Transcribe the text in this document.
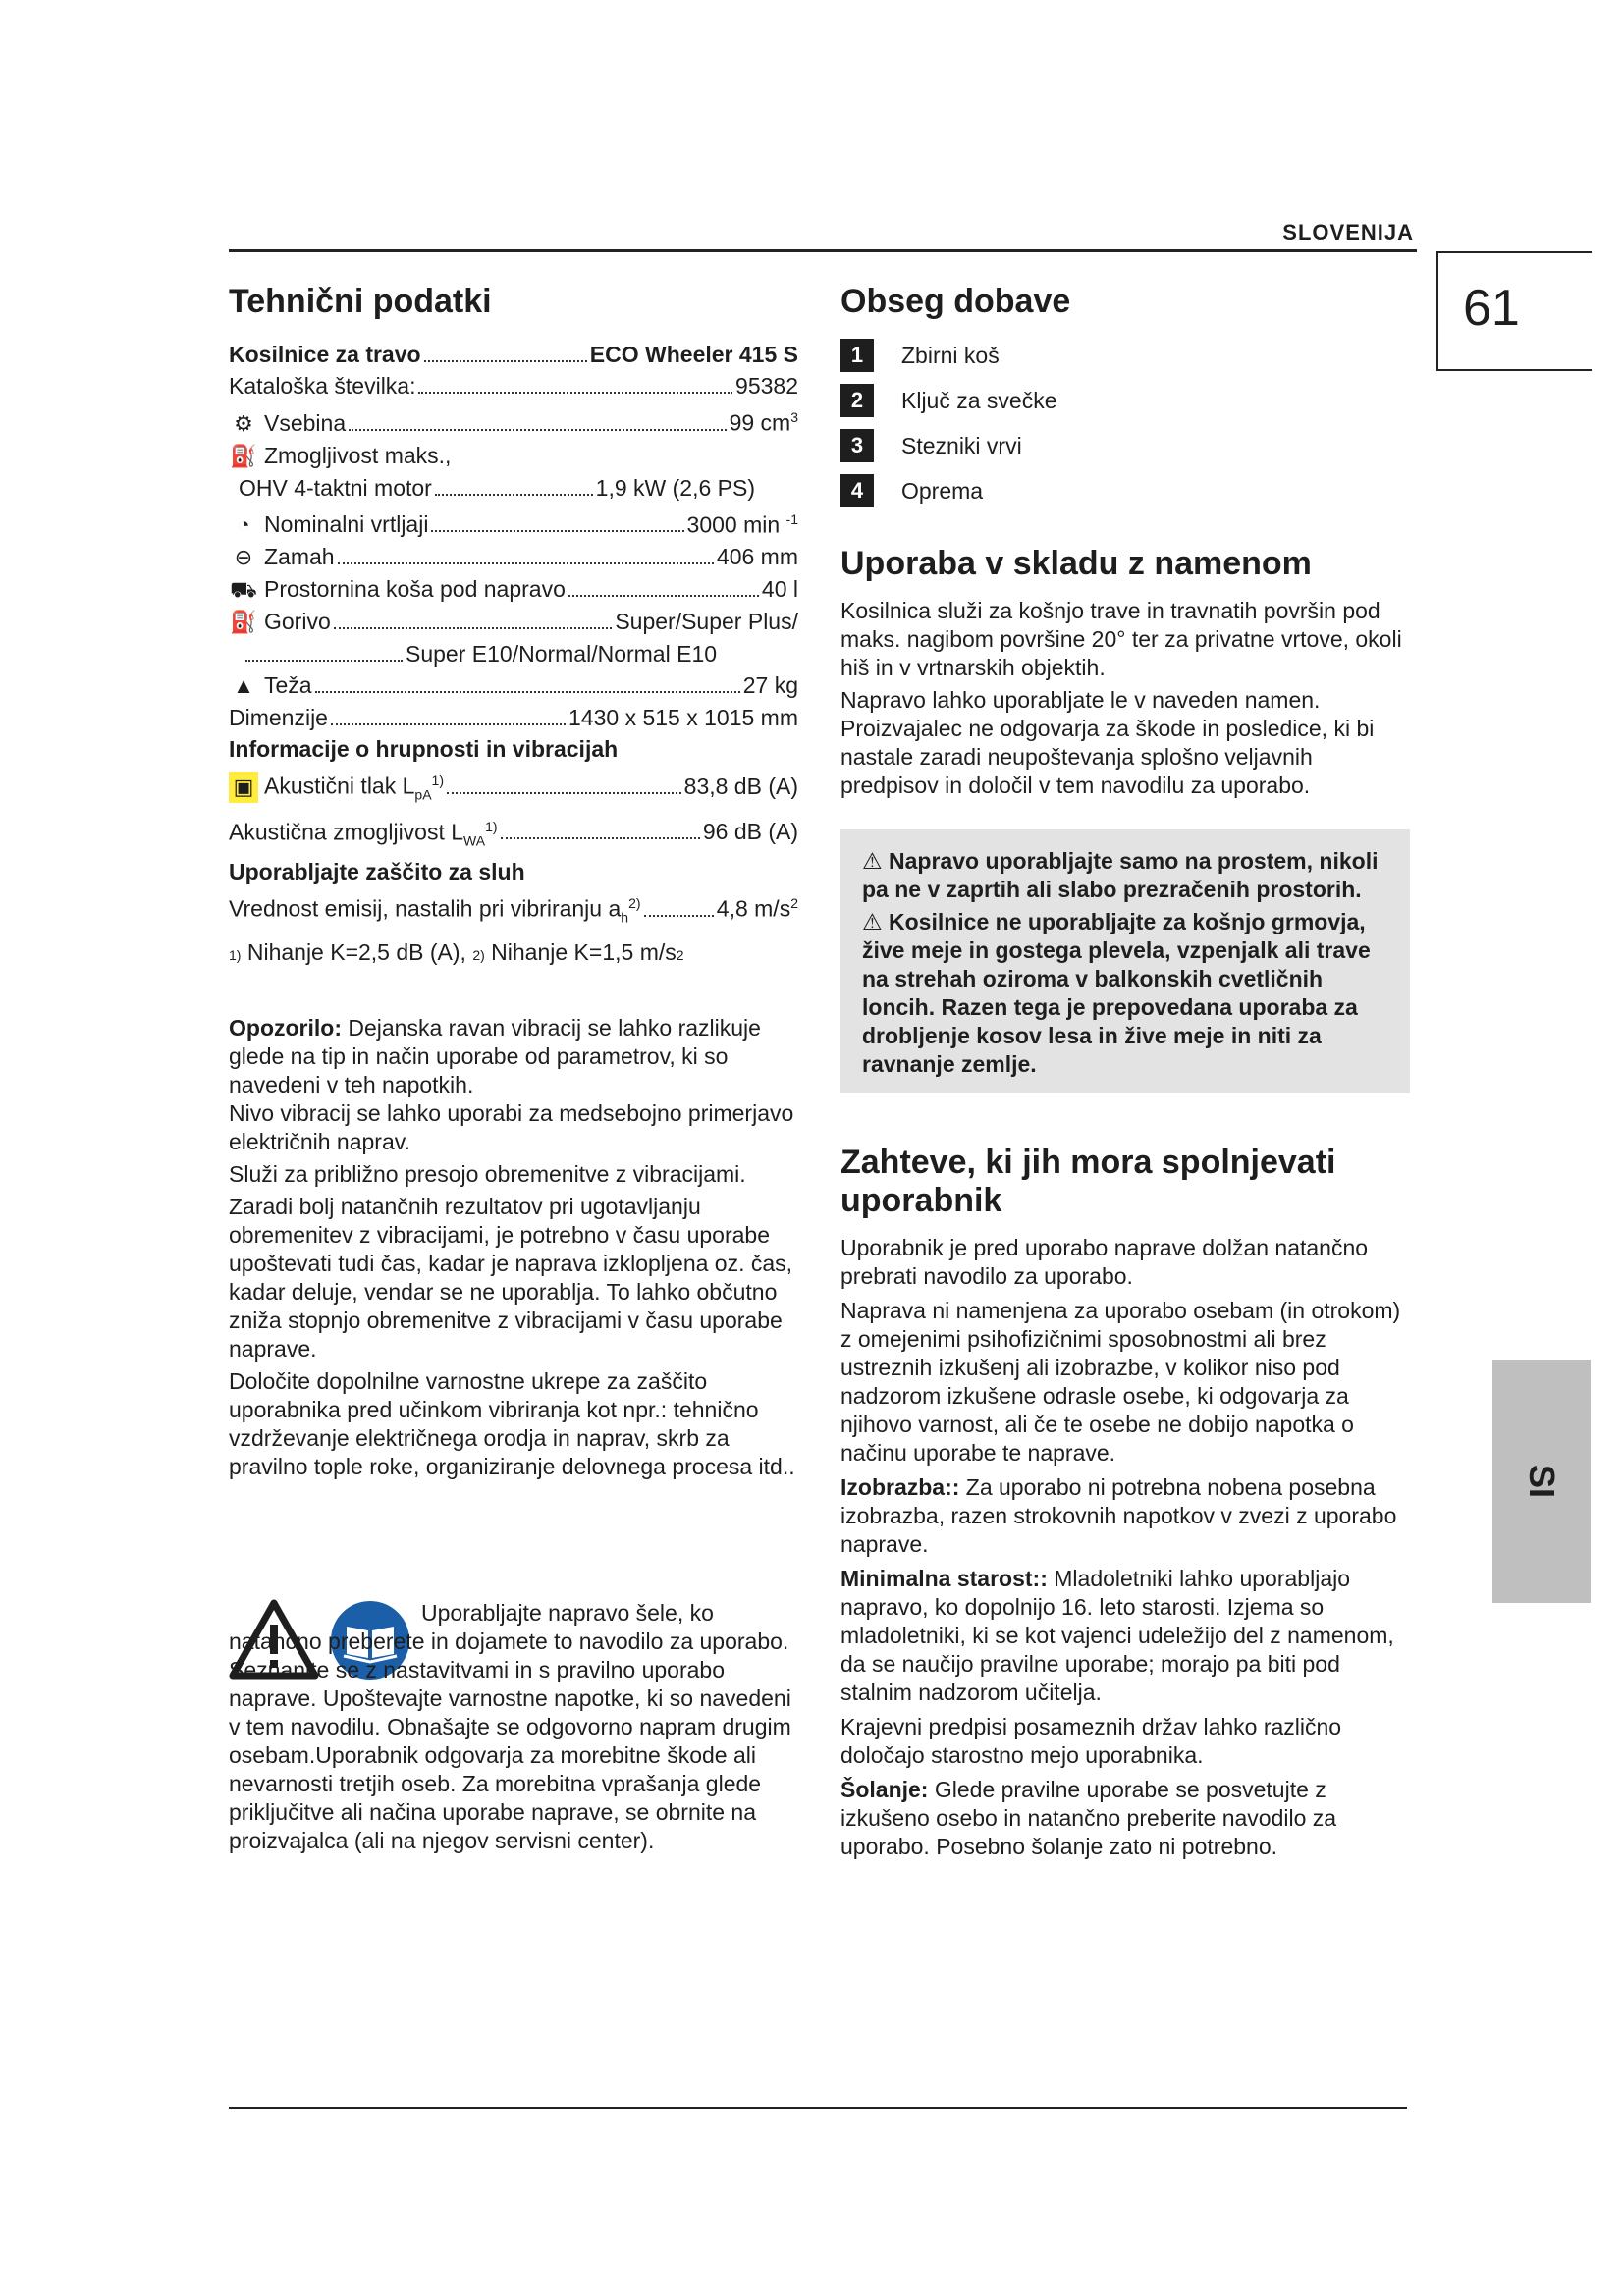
SLOVENIJA
61
SI
Tehnični podatki
Kosilnice za travo	ECO Wheeler 415 S
Kataloška številka:	95382
⚙ Vsebina	99 $cm^3$
⛽ Zmogljivost maks.,
OHV 4-taktni motor	1,9 kW (2,6 PS)
◔ Nominalni vrtljaji	3000 min $^{-1}$
⊖ Zamah	406 mm
⛟ Prostornina koša pod napravo	40 l
⛽ Gorivo	Super/Super Plus/
Super E10/Normal/Normal E10
▲ Teža	27 kg
Dimenzije	1430 x 515 x 1015 mm
Informacije o hrupnosti in vibracijah
▣ Akustični tlak $L_{pA}^{1)}$	83,8 dB (A)
Akustična zmogljivost $L_{WA}^{1)}$	96 dB (A)
Uporabljajte zaščito za sluh
Vrednost emisij, nastalih pri vibriranju $a_h^{2)}$	4,8 $m/s^2$
1)
Nihanje K=2,5 dB (A),
2)
Nihanje K=1,5 m/s 2

Opozorilo: Dejanska ravan vibracij se lahko razlikuje glede na tip in način uporabe od parametrov, ki so navedeni v teh napotkih.

Nivo vibracij se lahko uporabi za medsebojno primerjavo električnih naprav.

Služi za približno presojo obremenitve z vibracijami.

Zaradi bolj natančnih rezultatov pri ugotavljanju obremenitev z vibracijami, je potrebno v času uporabe upoštevati tudi čas, kadar je naprava izklopljena oz. čas, kadar deluje, vendar se ne uporablja. To lahko občutno zniža stopnjo obremenitve z vibracijami v času uporabe naprave.

Določite dopolnilne varnostne ukrepe za zaščito uporabnika pred učinkom vibriranja kot npr.: tehnično vzdrževanje električnega orodja in naprav, skrb za pravilno tople roke, organiziranje delovnega procesa itd..

Uporabljajte napravo šele, ko natančno preberete in dojamete to navodilo za uporabo. Seznanite se z nastavitvami in s pravilno uporabo naprave. Upoštevajte varnostne napotke, ki so navedeni v tem navodilu. Obnašajte se odgovorno napram drugim osebam.Uporabnik odgovarja za morebitne škode ali nevarnosti tretjih oseb. Za morebitna vprašanja glede priključitve ali načina uporabe naprave, se obrnite na proizvajalca (ali na njegov servisni center).

Obseg dobave
1	Zbirni koš
2	Ključ za svečke
3	Stezniki vrvi
4	Oprema
Uporaba v skladu z namenom

Kosilnica služi za košnjo trave in travnatih površin pod maks. nagibom površine 20° ter za privatne vrtove, okoli hiš in v vrtnarskih objektih.

Napravo lahko uporabljate le v naveden namen. Proizvajalec ne odgovarja za škode in posledice, ki bi nastale zaradi neupoštevanja splošno veljavnih predpisov in določil v tem navodilu za uporabo.

⚠ Napravo uporabljajte samo na prostem, nikoli pa ne v zaprtih ali slabo prezračenih prostorih.

⚠ Kosilnice ne uporabljajte za košnjo grmovja, žive meje in gostega plevela, vzpenjalk ali trave na strehah oziroma v balkonskih cvetličnih loncih. Razen tega je prepovedana uporaba za drobljenje kosov lesa in žive meje in niti za ravnanje zemlje.

Zahteve, ki jih mora spolnjevati uporabnik

Uporabnik je pred uporabo naprave dolžan natančno prebrati navodilo za uporabo.

Naprava ni namenjena za uporabo osebam (in otrokom) z omejenimi psihofizičnimi sposobnostmi ali brez ustreznih izkušenj ali izobrazbe, v kolikor niso pod nadzorom izkušene odrasle osebe, ki odgovarja za njihovo varnost, ali če te osebe ne dobijo napotka o načinu uporabe te naprave.

Izobrazba:: Za uporabo ni potrebna nobena posebna izobrazba, razen strokovnih napotkov v zvezi z uporabo naprave.

Minimalna starost:: Mladoletniki lahko uporabljajo napravo, ko dopolnijo 16. leto starosti. Izjema so mladoletniki, ki se kot vajenci udeležijo del z namenom, da se naučijo pravilne uporabe; morajo pa biti pod stalnim nadzorom učitelja.

Krajevni predpisi posameznih držav lahko različno določajo starostno mejo uporabnika.

Šolanje: Glede pravilne uporabe se posvetujte z izkušeno osebo in natančno preberite navodilo za uporabo. Posebno šolanje zato ni potrebno.
